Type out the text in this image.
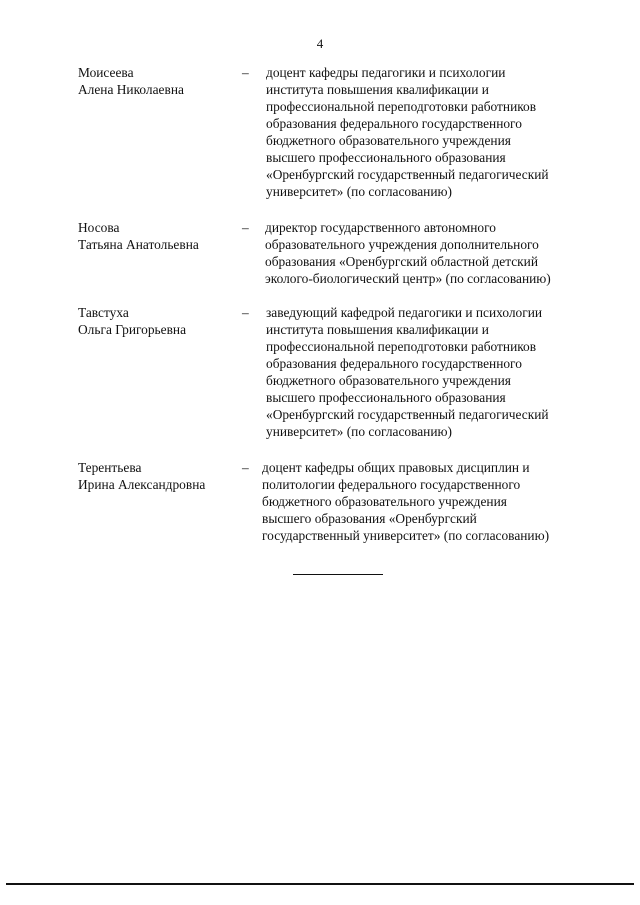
4
Моисеева
Алена Николаевна
– доцент кафедры педагогики и психологии
института повышения квалификации и
профессиональной переподготовки работников
образования федерального государственного
бюджетного образовательного учреждения
высшего профессионального образования
«Оренбургский государственный педагогический
университет» (по согласованию)
Носова
Татьяна Анатольевна
– директор государственного автономного
образовательного учреждения дополнительного
образования «Оренбургский областной детский
эколого-биологический центр» (по согласованию)
Тавстуха
Ольга Григорьевна
– заведующий кафедрой педагогики и психологии
института повышения квалификации и
профессиональной переподготовки работников
образования федерального государственного
бюджетного образовательного учреждения
высшего профессионального образования
«Оренбургский государственный педагогический
университет» (по согласованию)
Терентьева
Ирина Александровна
– доцент кафедры общих правовых дисциплин и
политологии федерального государственного
бюджетного образовательного учреждения
высшего образования «Оренбургский
государственный университет» (по согласованию)
